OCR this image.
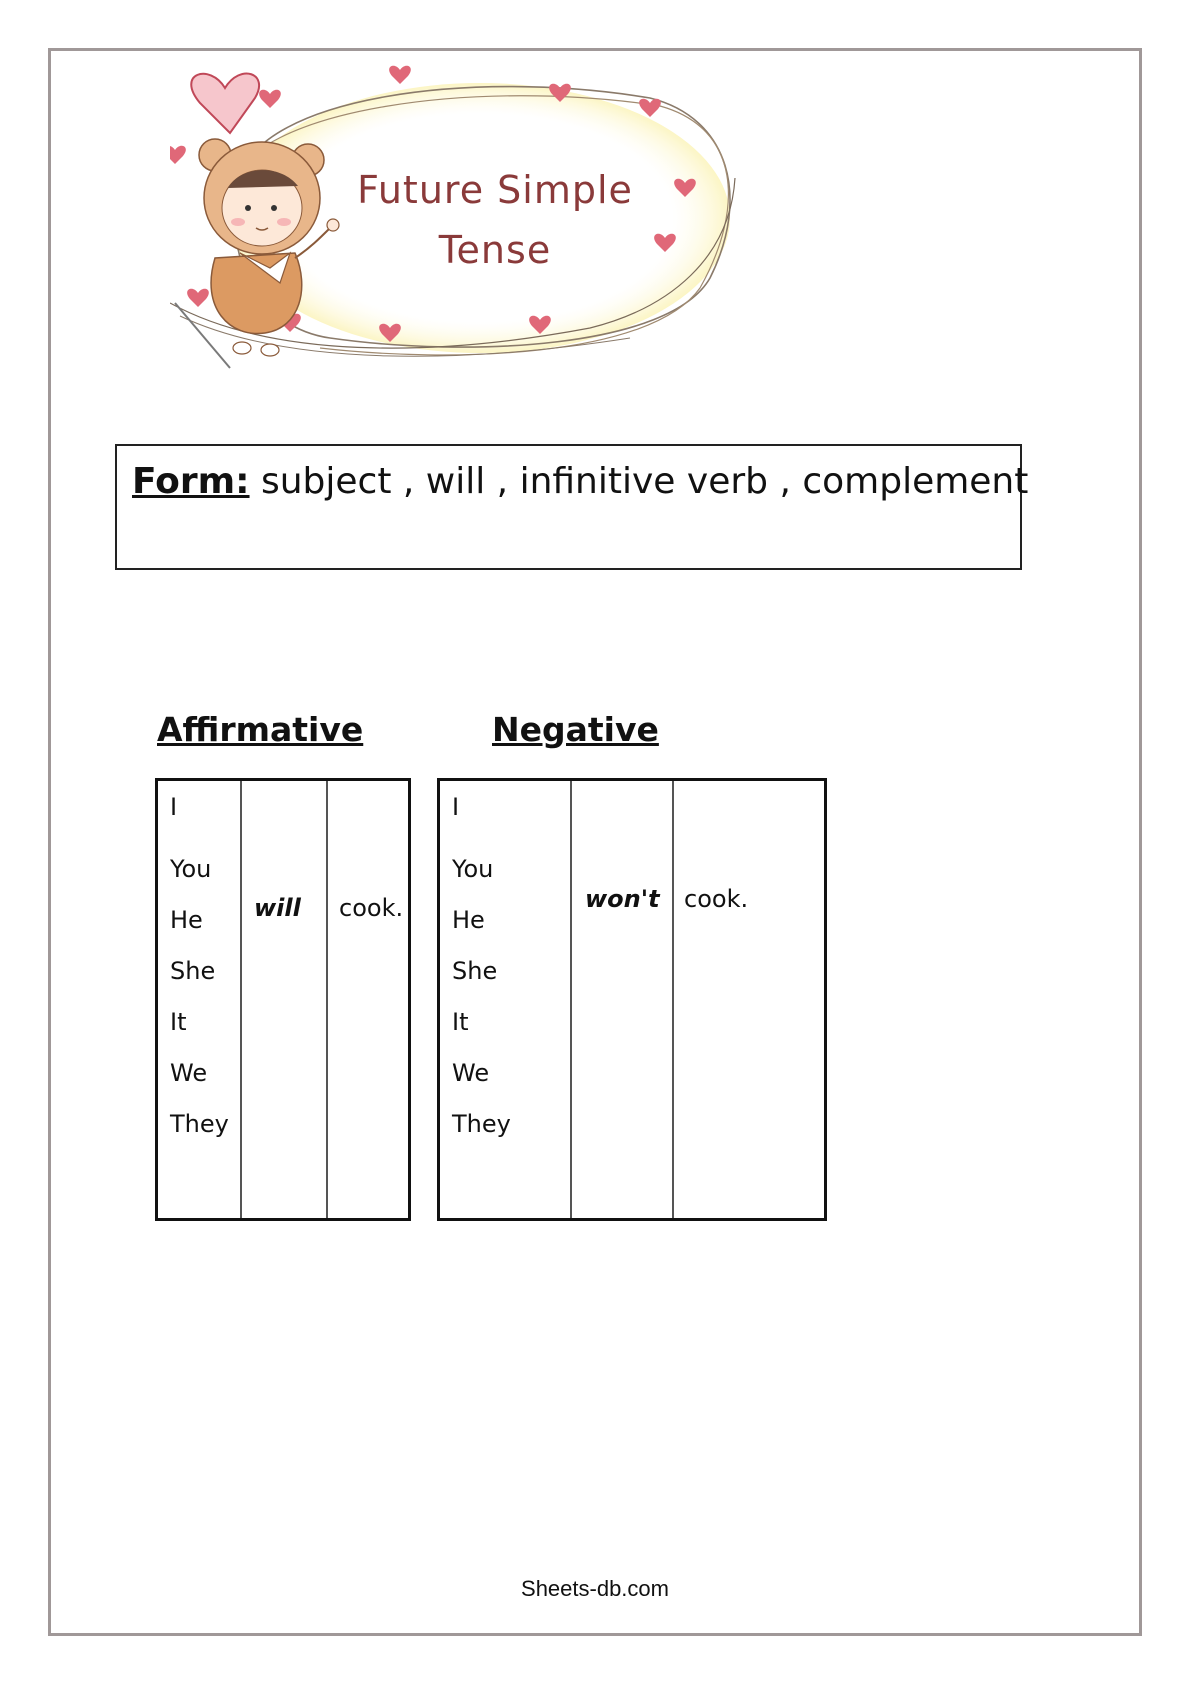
Future Simple
Tense
Form: subject , will , infinitive verb , complement
Affirmative	Negative
I
You
He
She
It
We
They
will cook.
I
You
He
She
It
We
They
won't cook.
Sheets-db.com
